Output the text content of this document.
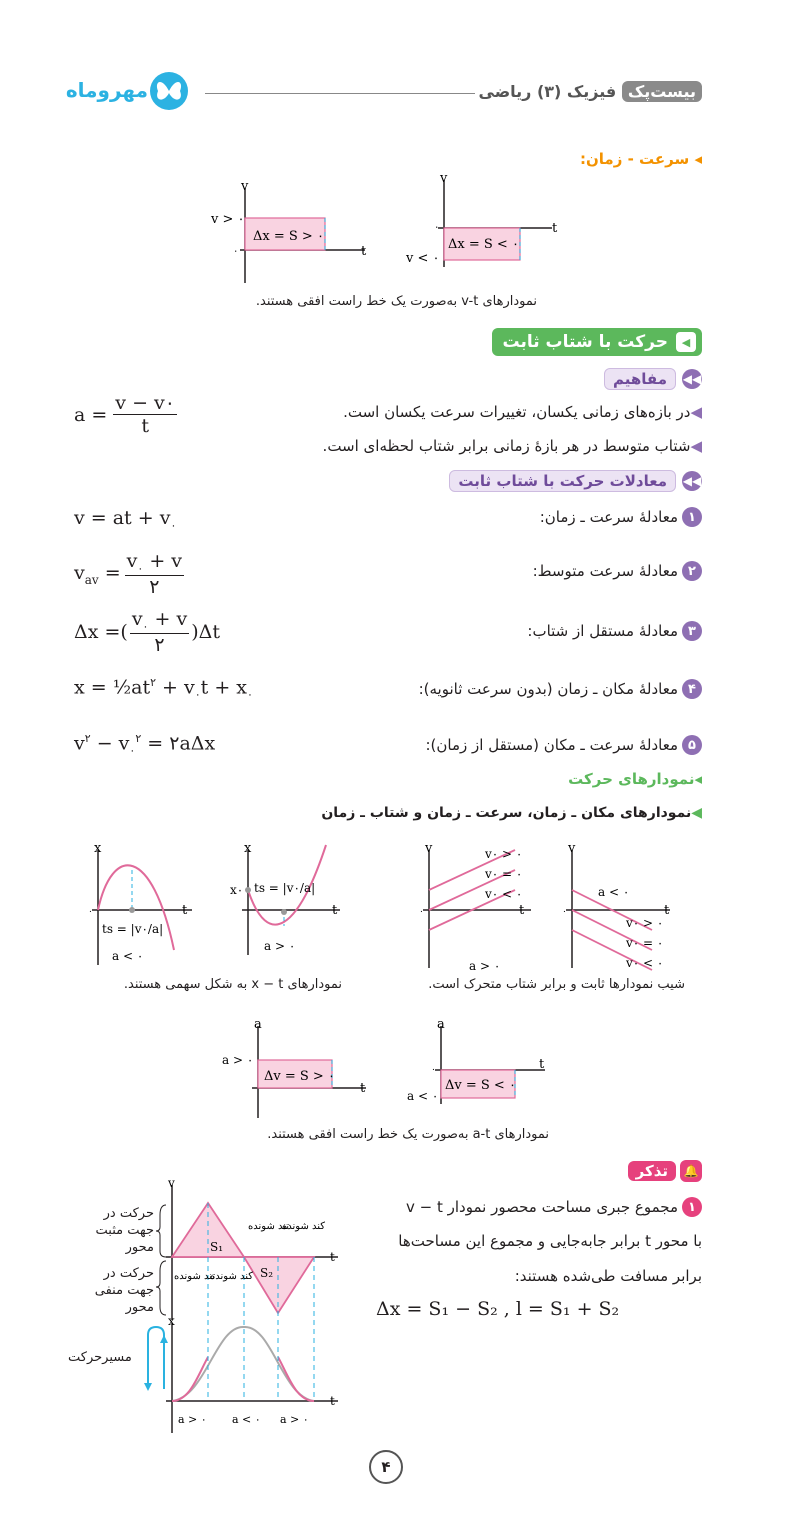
مهروماه	بیست‌پک فیزیک (۳) ریاضی
◂ سرعت - زمان:
v
t
v > ۰
۰
Δx = S > ۰
v
t
۰
v < ۰
Δx = S < ۰
نمودارهای v-t به‌صورت یک خط راست افقی هستند.
◀
حرکت با شتاب ثابت
◀◀
مفاهیم
◀در بازه‌های زمانی یکسان، تغییرات سرعت یکسان است.
◀شتاب متوسط در هر بازهٔ زمانی برابر شتاب لحظه‌ای است.
$a = \frac{v - v۰}{t}$
◀◀
معادلات حرکت با شتاب ثابت
۱
معادلهٔ سرعت ـ زمان:
۲
معادلهٔ سرعت متوسط:
۳
معادلهٔ مستقل از شتاب:
۴
معادلهٔ مکان ـ زمان (بدون سرعت ثانویه):
۵
معادلهٔ سرعت ـ مکان (مستقل از زمان):
v = at + $v_۰$
$v_{av}$ =
$v_۰ + v$
۲
Δx =(
$v_۰ + v$
۲
)Δt
$x = \frac{1}{2}at^۲ + v_۰t + x_۰$
$v^۲ - v_۰^۲$ = ۲aΔx
◂نمودارهای حرکت
◀نمودارهای مکان ـ زمان، سرعت ـ زمان و شتاب ـ زمان
x
t
۰
ts = |v۰/a|
a < ۰
x
t
x۰ ts = |v۰/a|
a > ۰
v
t
۰
v۰ > ۰
v۰ = ۰
v۰ < ۰
a > ۰
v
t
۰
a < ۰
v۰ > ۰
v۰ = ۰
v۰ < ۰
نمودارهای x − t به شکل سهمی هستند.	شیب نمودارها ثابت و برابر شتاب متحرک است.
a
t
a > ۰
Δv = S > ۰
a
t
۰
a < ۰
Δv = S < ۰
نمودارهای a-t به‌صورت یک خط راست افقی هستند.
🔔
تذکر
۱
مجموع جبری مساحت محصور نمودار v − t
با محور t برابر جابه‌جایی و مجموع این مساحت‌ها
برابر مسافت طی‌شده هستند:
Δx = S₁ − S₂ , l = S₁ + S₂
v
t
S₁
S₂
x
t
تند شونده
کند شونده
تند شونده
کند شونده
a > ۰ a < ۰ a > ۰
حرکت در جهت مثبت محور
حرکت در جهت منفی محور
مسیرحرکت
۴
